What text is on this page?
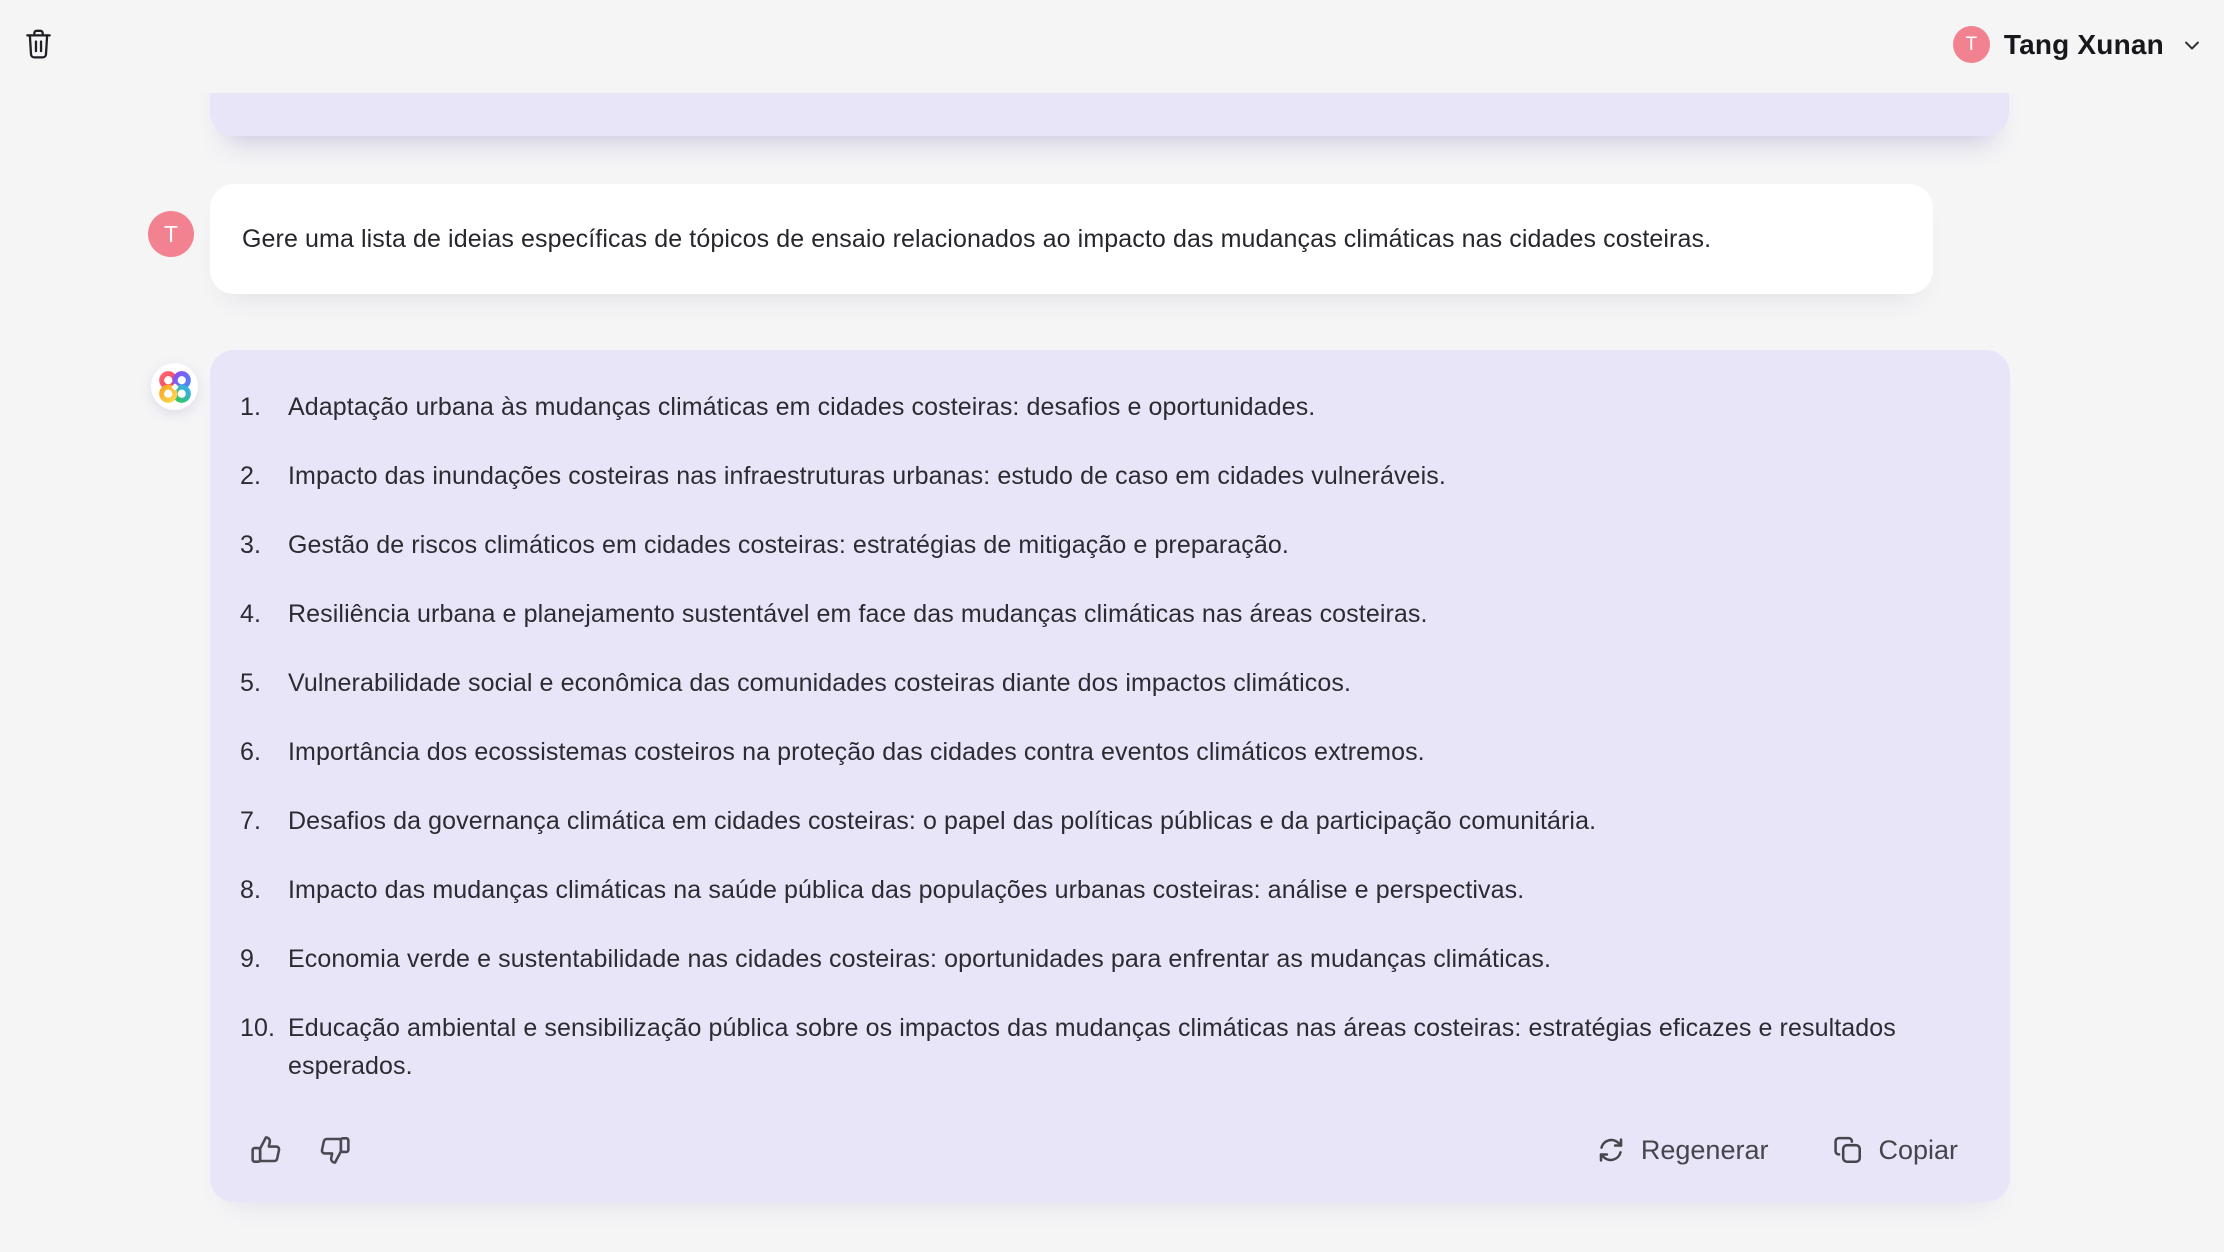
T	Gere uma lista de ideias específicas de tópicos de ensaio relacionados ao impacto das mudanças climáticas nas cidades costeiras.
1. Adaptação urbana às mudanças climáticas em cidades costeiras: desafios e oportunidades.
2. Impacto das inundações costeiras nas infraestruturas urbanas: estudo de caso em cidades vulneráveis.
3. Gestão de riscos climáticos em cidades costeiras: estratégias de mitigação e preparação.
4. Resiliência urbana e planejamento sustentável em face das mudanças climáticas nas áreas costeiras.
5. Vulnerabilidade social e econômica das comunidades costeiras diante dos impactos climáticos.
6. Importância dos ecossistemas costeiros na proteção das cidades contra eventos climáticos extremos.
7. Desafios da governança climática em cidades costeiras: o papel das políticas públicas e da participação comunitária.
8. Impacto das mudanças climáticas na saúde pública das populações urbanas costeiras: análise e perspectivas.
9. Economia verde e sustentabilidade nas cidades costeiras: oportunidades para enfrentar as mudanças climáticas.
10. Educação ambiental e sensibilização pública sobre os impactos das mudanças climáticas nas áreas costeiras: estratégias eficazes e resultados esperados.
Regenerar	Copiar
T Tang Xunan
